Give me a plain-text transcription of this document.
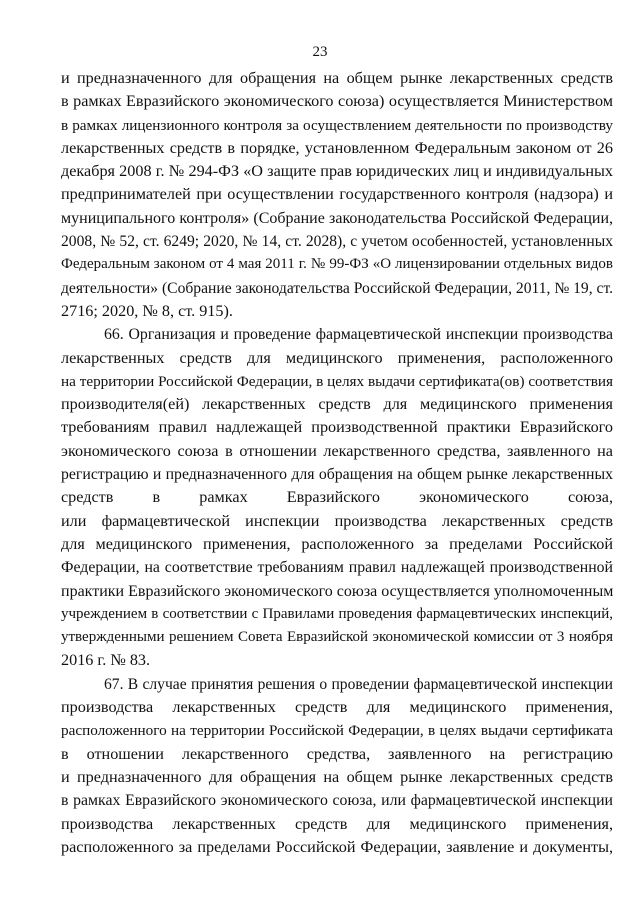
23
и предназначенного для обращения на общем рынке лекарственных средств
в рамках Евразийского экономического союза) осуществляется Министерством
в рамках лицензионного контроля за осуществлением деятельности по производству
лекарственных средств в порядке, установленном Федеральным законом от 26
декабря 2008 г. № 294-ФЗ «О защите прав юридических лиц и индивидуальных
предпринимателей при осуществлении государственного контроля (надзора) и
муниципального контроля» (Собрание законодательства Российской Федерации,
2008, № 52, ст. 6249; 2020, № 14, ст. 2028), с учетом особенностей, установленных
Федеральным законом от 4 мая 2011 г. № 99-ФЗ «О лицензировании отдельных видов
деятельности» (Собрание законодательства Российской Федерации, 2011, № 19, ст.
2716; 2020, № 8, ст. 915).
66. Организация и проведение фармацевтической инспекции производства
лекарственных средств для медицинского применения, расположенного
на территории Российской Федерации, в целях выдачи сертификата(ов) соответствия
производителя(ей) лекарственных средств для медицинского применения
требованиям правил надлежащей производственной практики Евразийского
экономического союза в отношении лекарственного средства, заявленного на
регистрацию и предназначенного для обращения на общем рынке лекарственных
средств в рамках Евразийского экономического союза,
или фармацевтической инспекции производства лекарственных средств
для медицинского применения, расположенного за пределами Российской
Федерации, на соответствие требованиям правил надлежащей производственной
практики Евразийского экономического союза осуществляется уполномоченным
учреждением в соответствии с Правилами проведения фармацевтических инспекций,
утвержденными решением Совета Евразийской экономической комиссии от 3 ноября
2016 г. № 83.
67. В случае принятия решения о проведении фармацевтической инспекции
производства лекарственных средств для медицинского применения,
расположенного на территории Российской Федерации, в целях выдачи сертификата
в отношении лекарственного средства, заявленного на регистрацию
и предназначенного для обращения на общем рынке лекарственных средств
в рамках Евразийского экономического союза, или фармацевтической инспекции
производства лекарственных средств для медицинского применения,
расположенного за пределами Российской Федерации, заявление и документы,
